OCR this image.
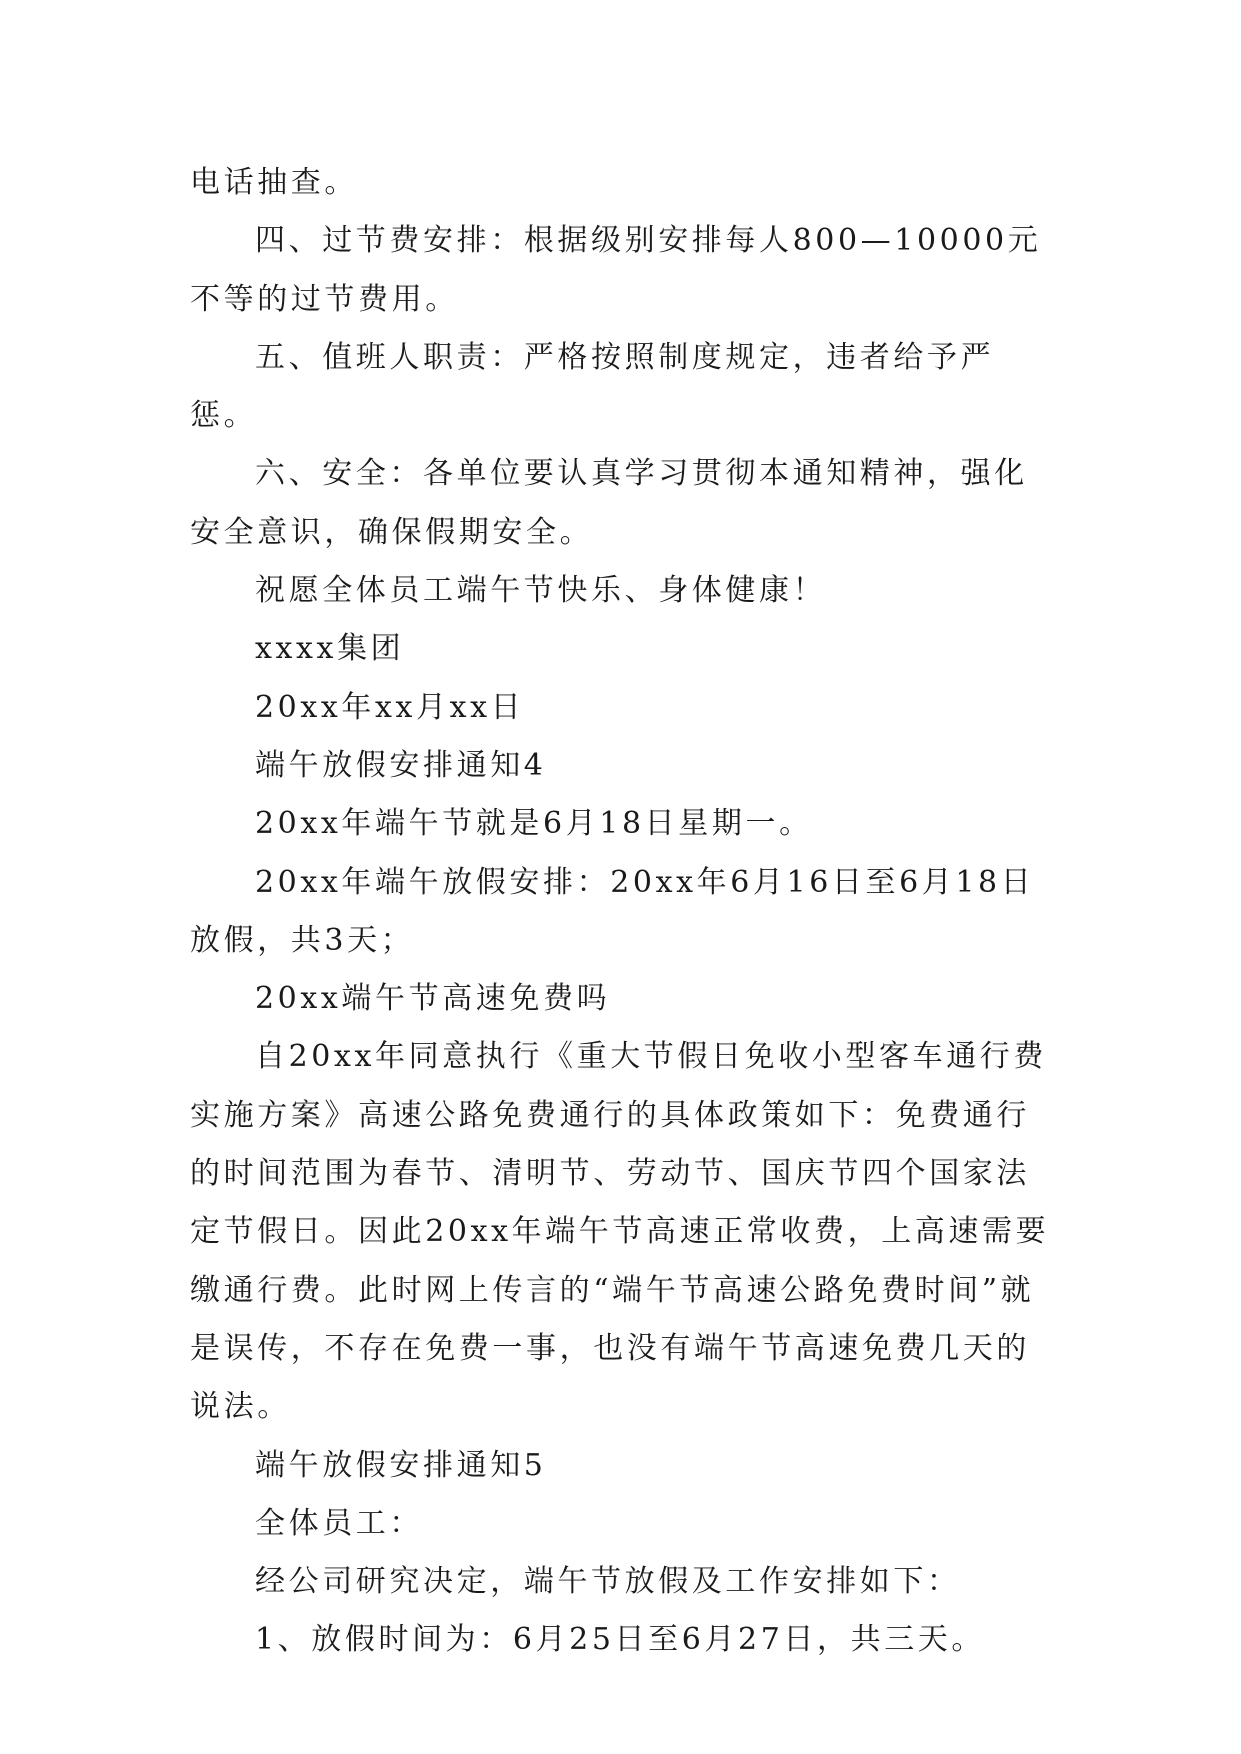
电话抽查。

四、过节费安排：根据级别安排每人800—10000元不等的过节费用。

五、值班人职责：严格按照制度规定，违者给予严惩。

六、安全：各单位要认真学习贯彻本通知精神，强化安全意识，确保假期安全。

祝愿全体员工端午节快乐、身体健康！

xxxx集团

20xx年xx月xx日

端午放假安排通知4

20xx年端午节就是6月18日星期一。

20xx年端午放假安排：20xx年6月16日至6月18日放假，共3天；

20xx端午节高速免费吗

自20xx年同意执行《重大节假日免收小型客车通行费实施方案》高速公路免费通行的具体政策如下：免费通行的时间范围为春节、清明节、劳动节、国庆节四个国家法定节假日。因此20xx年端午节高速正常收费，上高速需要缴通行费。此时网上传言的“端午节高速公路免费时间”就是误传，不存在免费一事，也没有端午节高速免费几天的说法。

端午放假安排通知5

全体员工：

经公司研究决定，端午节放假及工作安排如下：

1、放假时间为：6月25日至6月27日，共三天。
